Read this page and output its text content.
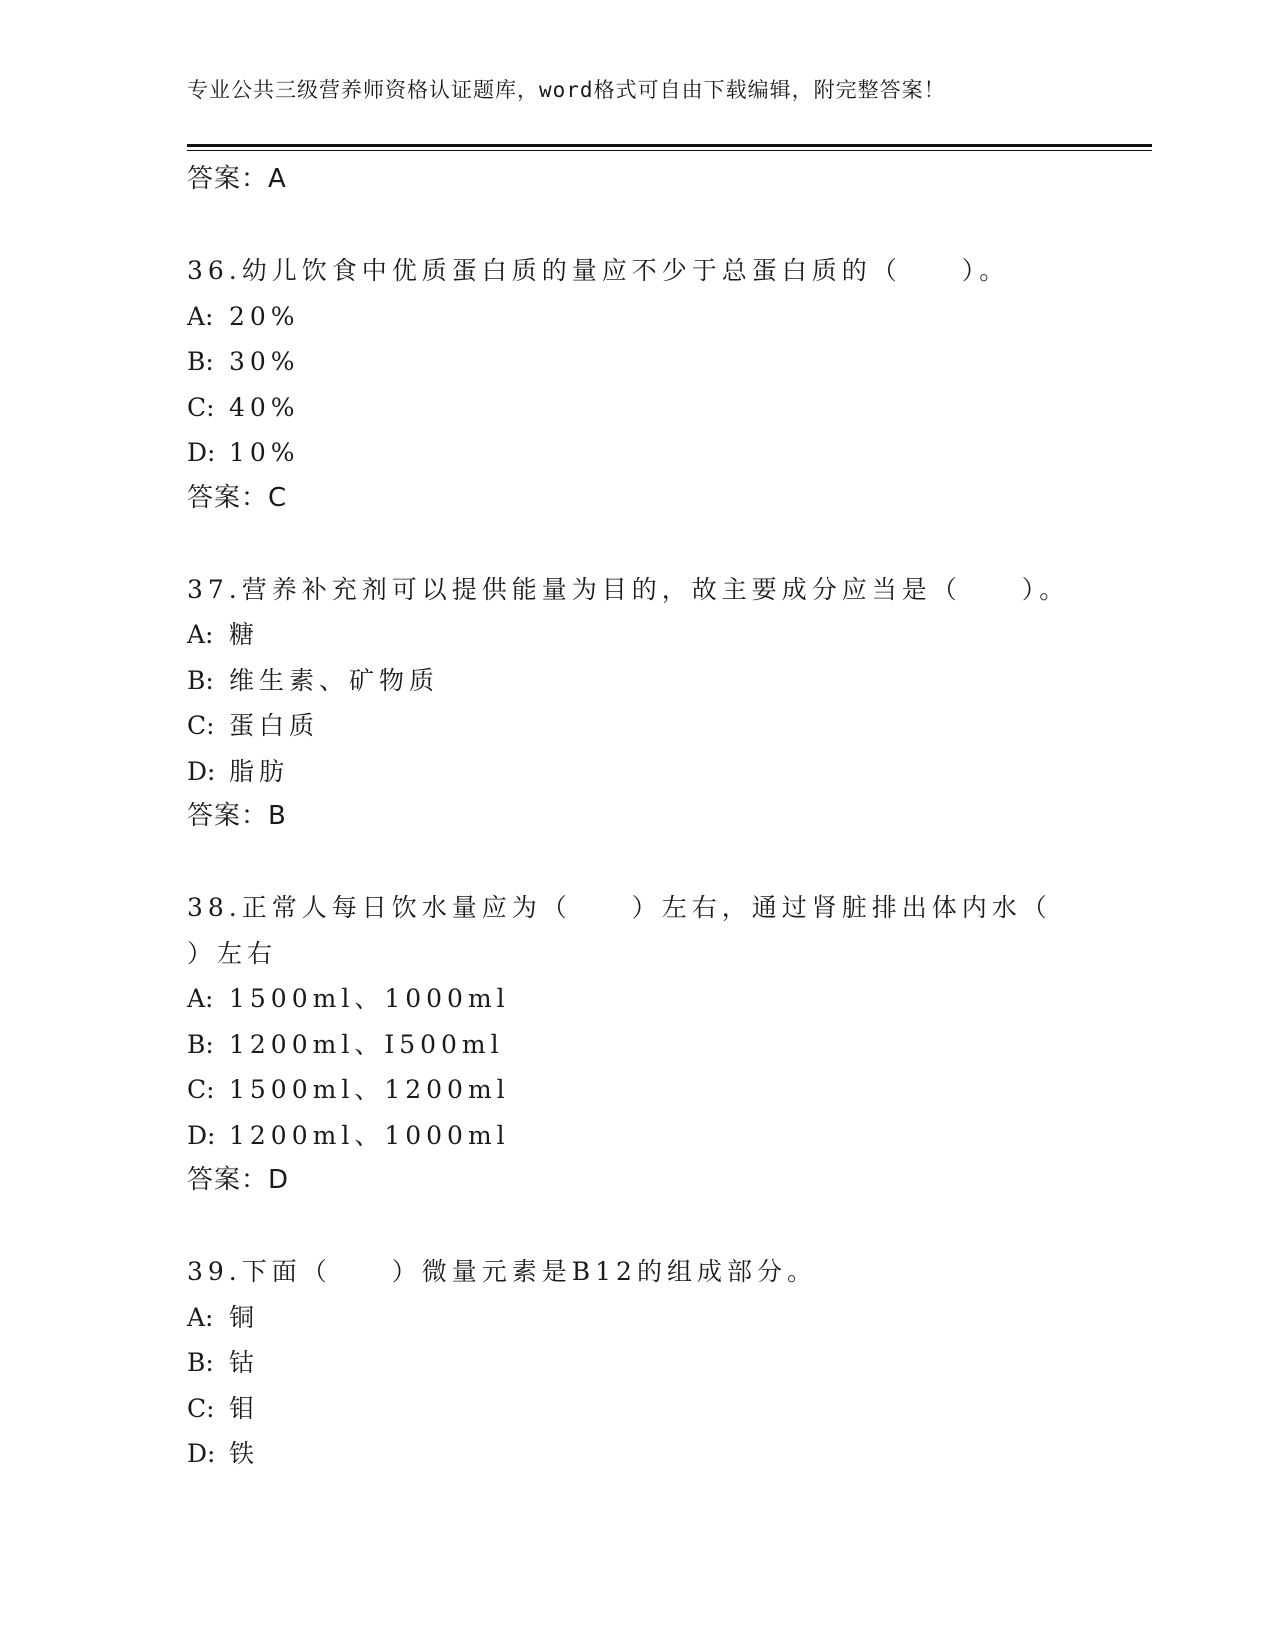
专业公共三级营养师资格认证题库，word格式可自由下载编辑，附完整答案！
答案：A
36.幼儿饮食中优质蛋白质的量应不少于总蛋白质的（　　）。
A: 20%
B: 30%
C: 40%
D: 10%
答案：C
37.营养补充剂可以提供能量为目的，故主要成分应当是（　　）。
A: 糖
B: 维生素、矿物质
C: 蛋白质
D: 脂肪
答案：B
38.正常人每日饮水量应为（　　）左右，通过肾脏排出体内水（
）左右
A: 1500ml、1000ml
B: 1200ml、I500ml
C: 1500ml、1200ml
D: 1200ml、1000ml
答案：D
39.下面（　　）微量元素是B12的组成部分。
A: 铜
B: 钴
C: 钼
D: 铁
